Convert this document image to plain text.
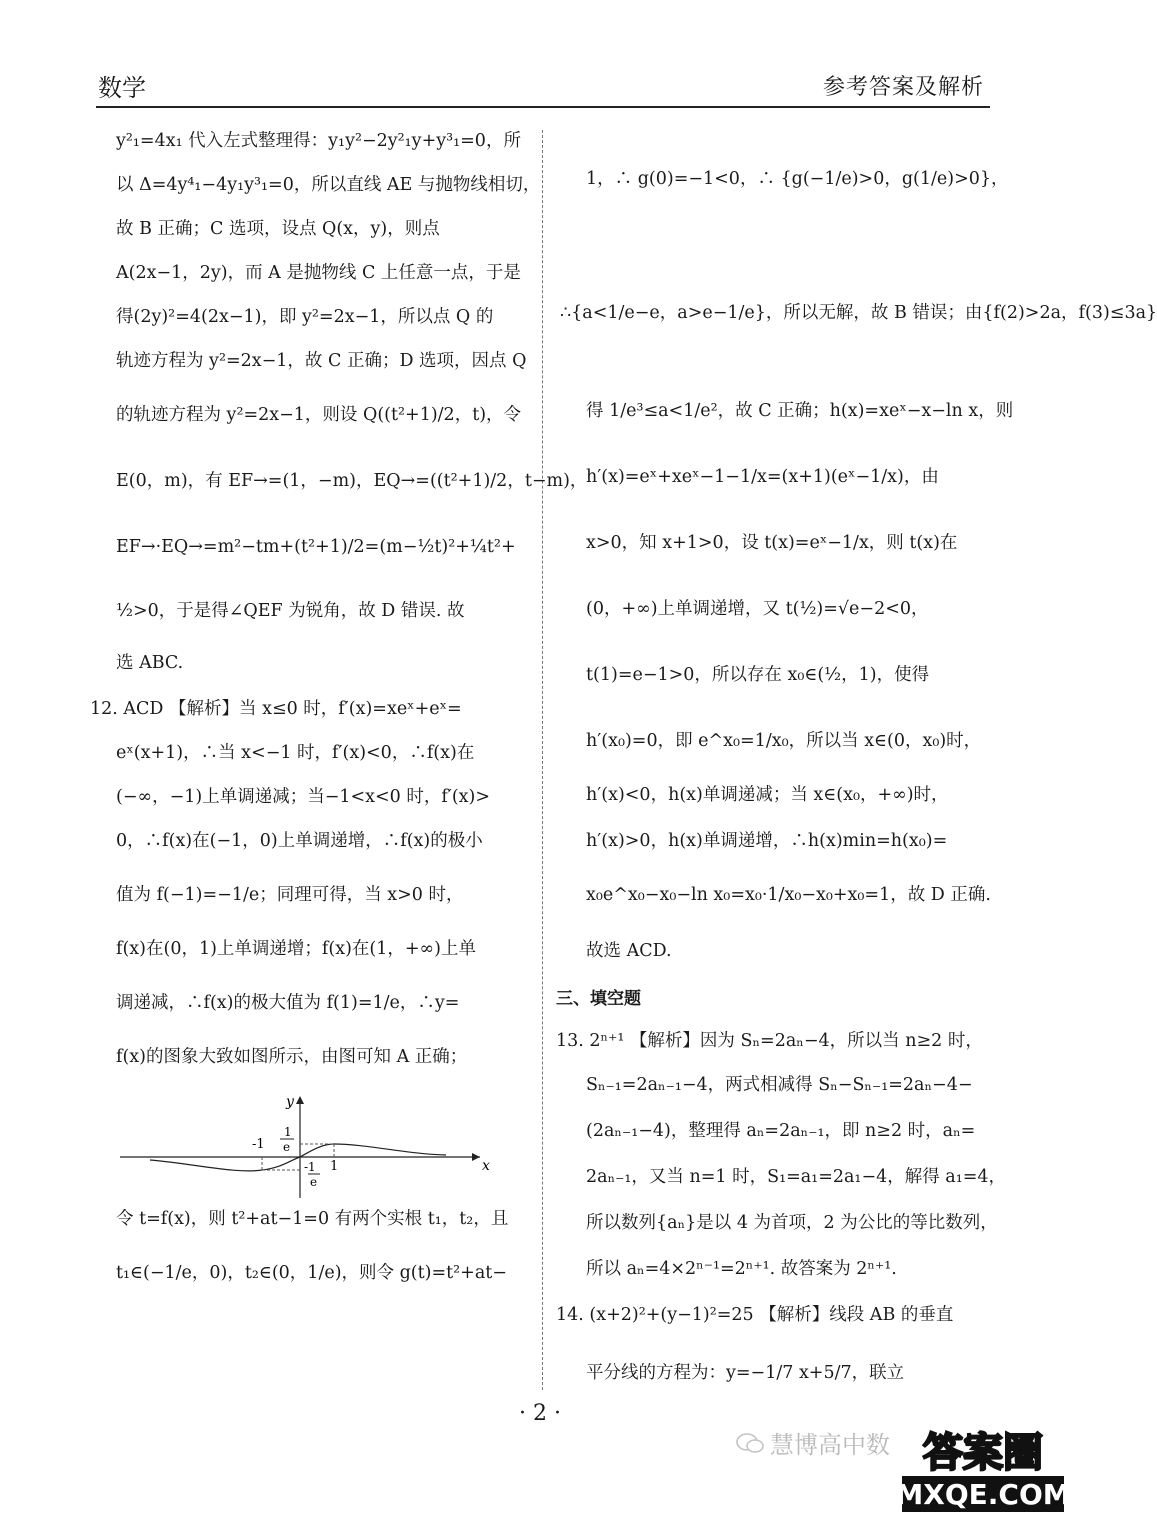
数学	参考答案及解析
y²₁=4x₁ 代入左式整理得：y₁y²−2y²₁y+y³₁=0，所
以 Δ=4y⁴₁−4y₁y³₁=0，所以直线 AE 与抛物线相切，
故 B 正确；C 选项，设点 Q(x，y)，则点
A(2x−1，2y)，而 A 是抛物线 C 上任意一点，于是
得(2y)²=4(2x−1)，即 y²=2x−1，所以点 Q 的
轨迹方程为 y²=2x−1，故 C 正确；D 选项，因点 Q
的轨迹方程为 y²=2x−1，则设 Q((t²+1)/2，t)，令
E(0，m)，有 EF→=(1，−m)，EQ→=((t²+1)/2，t−m)，
EF→·EQ→=m²−tm+(t²+1)/2=(m−½t)²+¼t²+
½>0，于是得∠QEF 为锐角，故 D 错误. 故
选 ABC.
12. ACD 【解析】当 x≤0 时，f′(x)=xeˣ+eˣ=
eˣ(x+1)，∴当 x<−1 时，f′(x)<0，∴f(x)在
(−∞，−1)上单调递减；当−1<x<0 时，f′(x)>
0，∴f(x)在(−1，0)上单调递增，∴f(x)的极小
值为 f(−1)=−1/e；同理可得，当 x>0 时，
f(x)在(0，1)上单调递增；f(x)在(1，+∞)上单
调递减，∴f(x)的极大值为 f(1)=1/e，∴y=
f(x)的图象大致如图所示，由图可知 A 正确；
令 t=f(x)，则 t²+at−1=0 有两个实根 t₁，t₂，且
t₁∈(−1/e，0)，t₂∈(0，1/e)，则令 g(t)=t²+at−
y
x
-1
1
1
e
-1
e
1，∴ g(0)=−1<0，∴ {g(−1/e)>0，g(1/e)>0}，
∴{a<1/e−e，a>e−1/e}，所以无解，故 B 错误；由{f(2)>2a，f(3)≤3a}
得 1/e³≤a<1/e²，故 C 正确；h(x)=xeˣ−x−ln x，则
h′(x)=eˣ+xeˣ−1−1/x=(x+1)(eˣ−1/x)，由
x>0，知 x+1>0，设 t(x)=eˣ−1/x，则 t(x)在
(0，+∞)上单调递增，又 t(½)=√e−2<0，
t(1)=e−1>0，所以存在 x₀∈(½，1)，使得
h′(x₀)=0，即 e^x₀=1/x₀，所以当 x∈(0，x₀)时，
h′(x)<0，h(x)单调递减；当 x∈(x₀，+∞)时，
h′(x)>0，h(x)单调递增，∴h(x)min=h(x₀)=
x₀e^x₀−x₀−ln x₀=x₀·1/x₀−x₀+x₀=1，故 D 正确.
故选 ACD.
三、填空题
13. 2ⁿ⁺¹ 【解析】因为 Sₙ=2aₙ−4，所以当 n≥2 时，
Sₙ₋₁=2aₙ₋₁−4，两式相减得 Sₙ−Sₙ₋₁=2aₙ−4−
(2aₙ₋₁−4)，整理得 aₙ=2aₙ₋₁，即 n≥2 时，aₙ=
2aₙ₋₁，又当 n=1 时，S₁=a₁=2a₁−4，解得 a₁=4，
所以数列{aₙ}是以 4 为首项，2 为公比的等比数列，
所以 aₙ=4×2ⁿ⁻¹=2ⁿ⁺¹. 故答案为 2ⁿ⁺¹.
14. (x+2)²+(y−1)²=25 【解析】线段 AB 的垂直
平分线的方程为：y=−1/7 x+5/7，联立
· 2 ·
慧博高中数 答案圈
MXQE.COM
